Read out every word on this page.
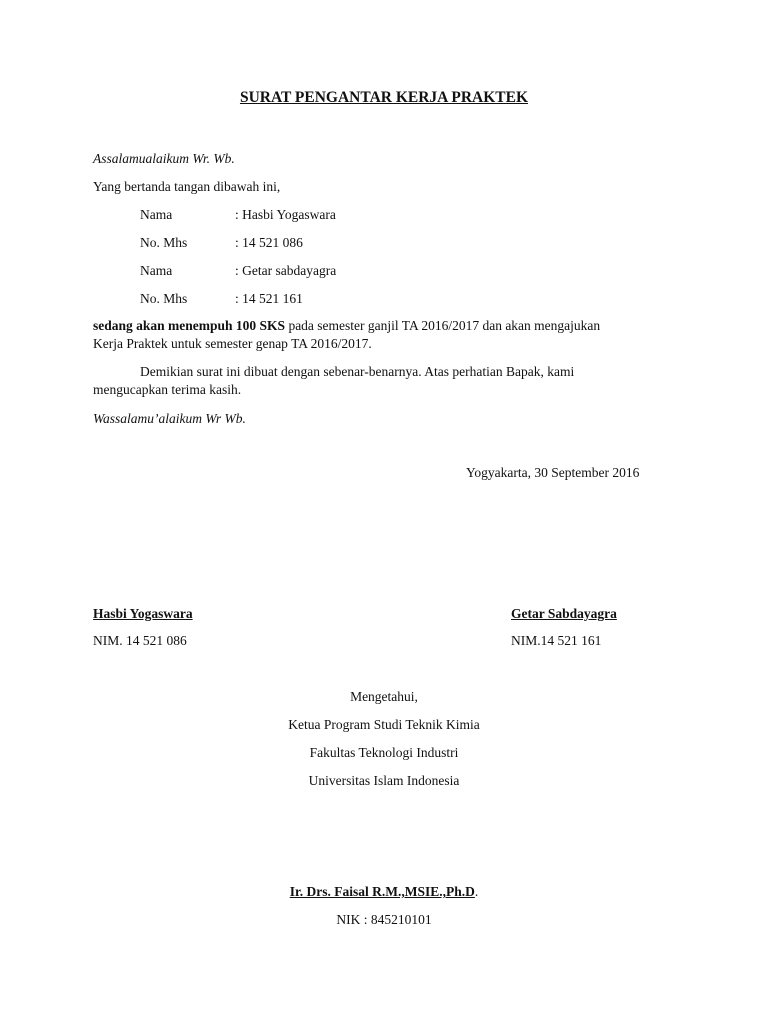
SURAT PENGANTAR KERJA PRAKTEK
Assalamualaikum Wr. Wb.
Yang bertanda tangan dibawah ini,
Nama	: Hasbi Yogaswara
No. Mhs	: 14 521 086
Nama	: Getar sabdayagra
No. Mhs	: 14 521 161
sedang akan menempuh 100 SKS pada semester ganjil TA 2016/2017 dan akan mengajukan
Kerja Praktek untuk semester genap TA 2016/2017.
Demikian surat ini dibuat dengan sebenar-benarnya. Atas perhatian Bapak, kami
mengucapkan terima kasih.
Wassalamu’alaikum Wr Wb.
Yogyakarta, 30 September 2016
Hasbi Yogaswara
NIM. 14 521 086
Getar Sabdayagra
NIM.14 521 161
Mengetahui,
Ketua Program Studi Teknik Kimia
Fakultas Teknologi Industri
Universitas Islam Indonesia
Ir. Drs. Faisal R.M.,MSIE.,Ph.D.
NIK : 845210101
